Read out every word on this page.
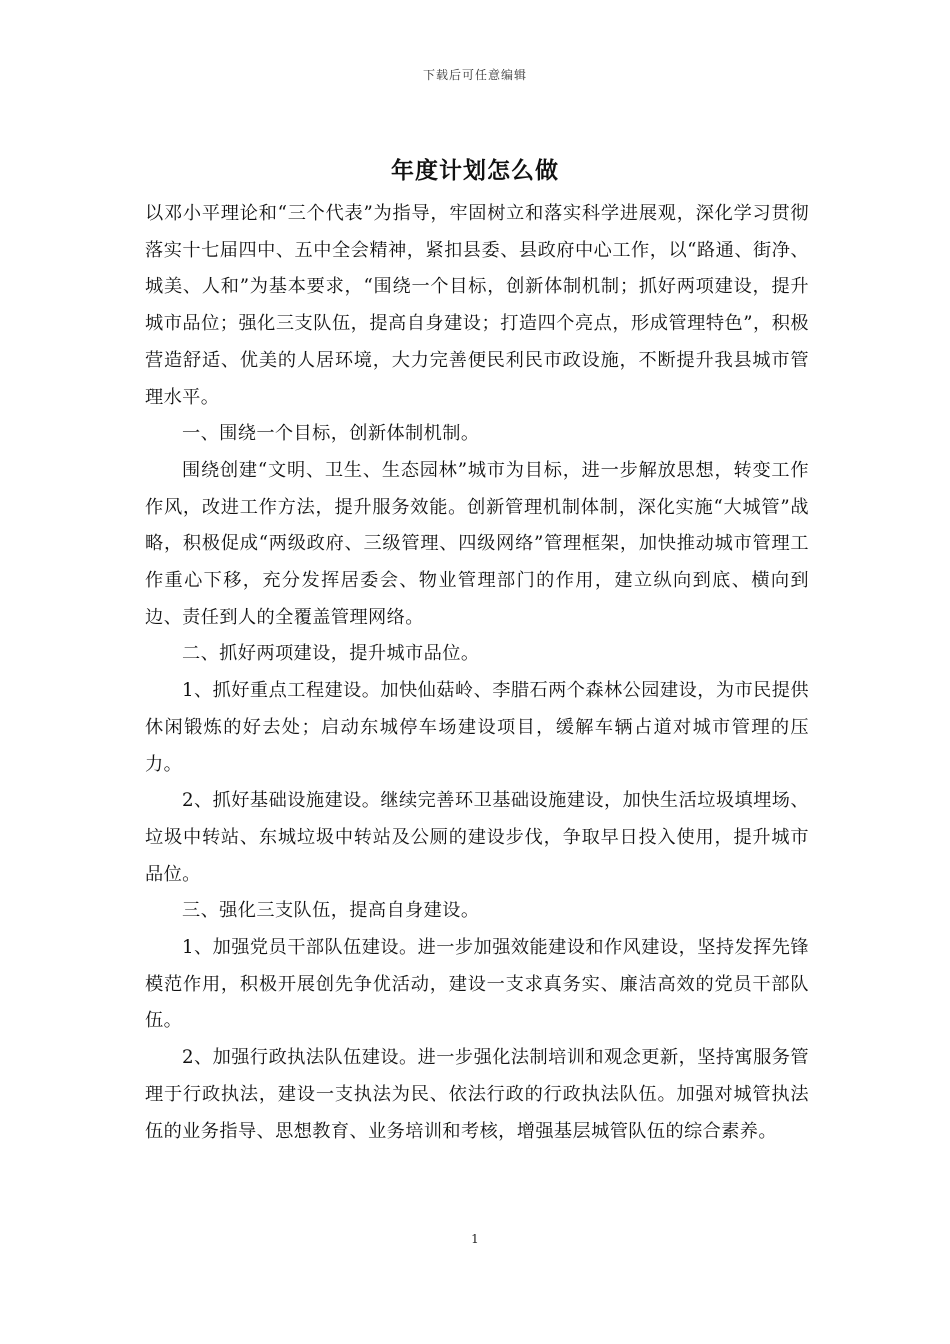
下载后可任意编辑
年度计划怎么做

以邓小平理论和“三个代表”为指导，牢固树立和落实科学进展观，深化学习贯彻落实十七届四中、五中全会精神，紧扣县委、县政府中心工作，以“路通、街净、城美、人和”为基本要求，“围绕一个目标，创新体制机制；抓好两项建设，提升城市品位；强化三支队伍，提高自身建设；打造四个亮点，形成管理特色”，积极营造舒适、优美的人居环境，大力完善便民利民市政设施，不断提升我县城市管理水平。

一、围绕一个目标，创新体制机制。

围绕创建“文明、卫生、生态园林”城市为目标，进一步解放思想，转变工作作风，改进工作方法，提升服务效能。创新管理机制体制，深化实施“大城管”战略，积极促成“两级政府、三级管理、四级网络”管理框架，加快推动城市管理工作重心下移，充分发挥居委会、物业管理部门的作用，建立纵向到底、横向到边、责任到人的全覆盖管理网络。

二、抓好两项建设，提升城市品位。

1、抓好重点工程建设。加快仙菇岭、李腊石两个森林公园建设，为市民提供休闲锻炼的好去处；启动东城停车场建设项目，缓解车辆占道对城市管理的压力。

2、抓好基础设施建设。继续完善环卫基础设施建设，加快生活垃圾填埋场、垃圾中转站、东城垃圾中转站及公厕的建设步伐，争取早日投入使用，提升城市品位。

三、强化三支队伍，提高自身建设。

1、加强党员干部队伍建设。进一步加强效能建设和作风建设，坚持发挥先锋模范作用，积极开展创先争优活动，建设一支求真务实、廉洁高效的党员干部队伍。

2、加强行政执法队伍建设。进一步强化法制培训和观念更新，坚持寓服务管理于行政执法，建设一支执法为民、依法行政的行政执法队伍。加强对城管执法伍的业务指导、思想教育、业务培训和考核，增强基层城管队伍的综合素养。

1
